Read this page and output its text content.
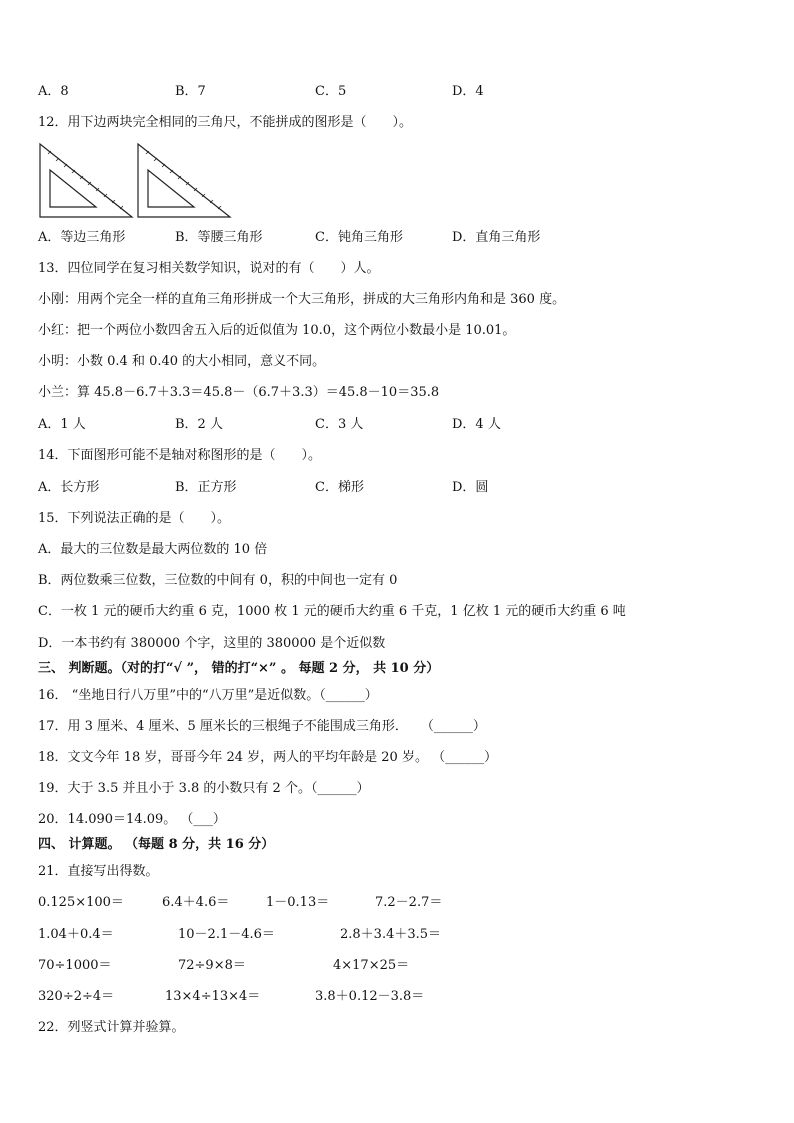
A．8	B．7	C．5	D．4
12．用下边两块完全相同的三角尺，不能拼成的图形是（　　）。
A．等边三角形	B．等腰三角形	C．钝角三角形	D．直角三角形
13．四位同学在复习相关数学知识，说对的有（　　）人。
小刚：用两个完全一样的直角三角形拼成一个大三角形，拼成的大三角形内角和是 360 度。
小红：把一个两位小数四舍五入后的近似值为 10.0，这个两位小数最小是 10.01。
小明：小数 0.4 和 0.40 的大小相同，意义不同。
小兰：算 45.8－6.7＋3.3＝45.8－（6.7＋3.3）＝45.8－10＝35.8
A．1 人	B．2 人	C．3 人	D．4 人
14．下面图形可能不是轴对称图形的是（　　）。
A．长方形	B．正方形	C．梯形	D．圆
15．下列说法正确的是（　　）。
A．最大的三位数是最大两位数的 10 倍
B．两位数乘三位数，三位数的中间有 0，积的中间也一定有 0
C．一枚 1 元的硬币大约重 6 克，1000 枚 1 元的硬币大约重 6 千克，1 亿枚 1 元的硬币大约重 6 吨
D．一本书约有 380000 个字，这里的 380000 是个近似数
三、 判断题。（对的打“√ ”， 错的打“×” 。 每题 2 分， 共 10 分）
16． “坐地日行八万里”中的“八万里”是近似数。（______）
17．用 3 厘米、4 厘米、5 厘米长的三根绳子不能围成三角形．　　（______）
18．文文今年 18 岁，哥哥今年 24 岁，两人的平均年龄是 20 岁。 （______）
19．大于 3.5 并且小于 3.8 的小数只有 2 个。（______）
20．14.090＝14.09。 （___）
四、 计算题。 （每题 8 分，共 16 分）
21．直接写出得数。
0.125×100＝	6.4＋4.6＝	1－0.13＝	7.2－2.7＝
1.04＋0.4＝	10－2.1－4.6＝	2.8＋3.4＋3.5＝
70÷1000＝	72÷9×8＝	4×17×25＝
320÷2÷4＝	13×4÷13×4＝	3.8＋0.12－3.8＝
22．列竖式计算并验算。
